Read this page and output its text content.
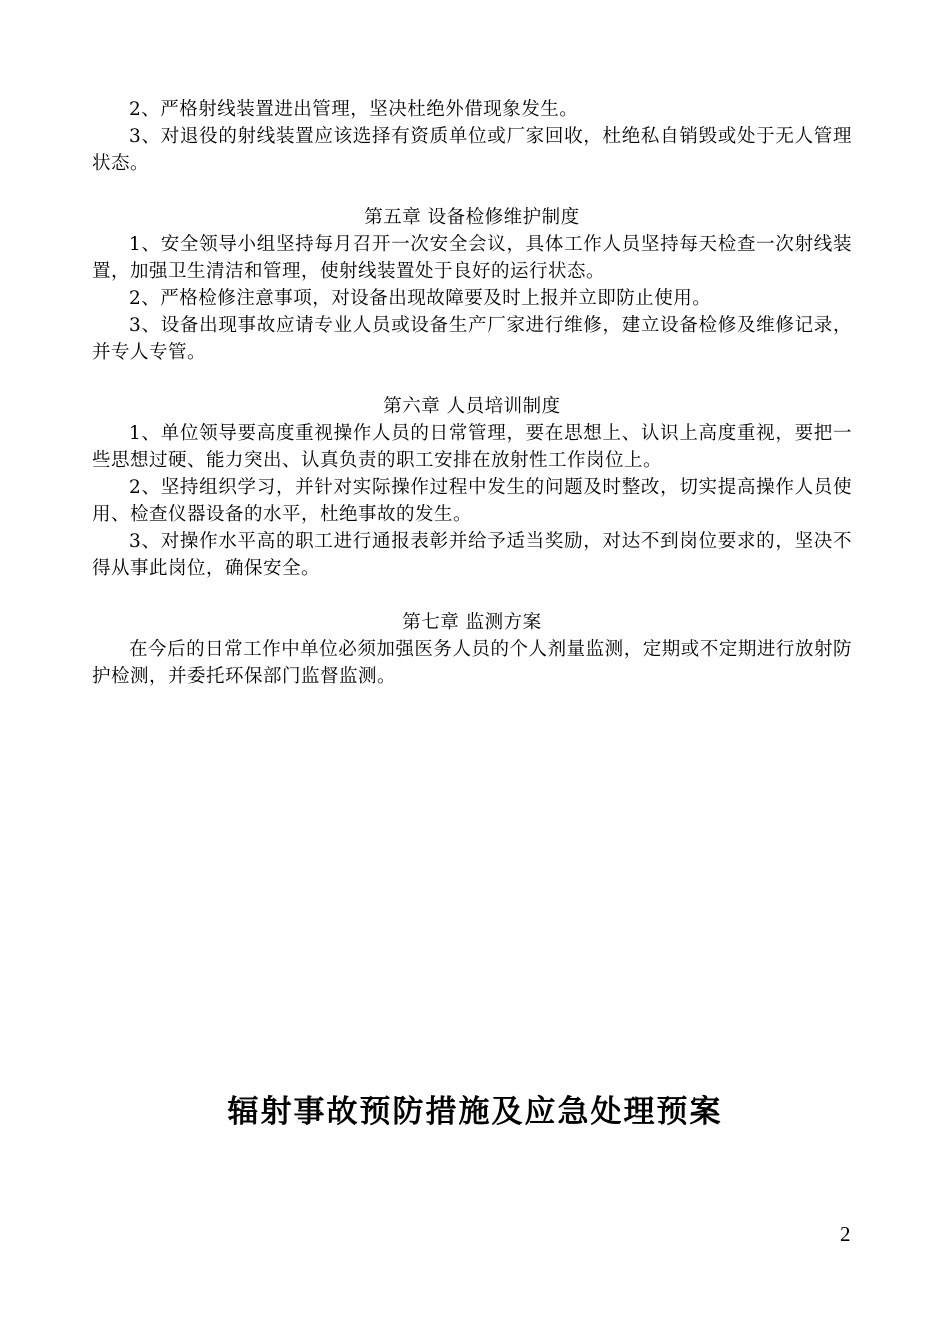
2、严格射线装置进出管理，坚决杜绝外借现象发生。

3、对退役的射线装置应该选择有资质单位或厂家回收，杜绝私自销毁或处于无人管理状态。

第五章 设备检修维护制度

1、安全领导小组坚持每月召开一次安全会议，具体工作人员坚持每天检查一次射线装置，加强卫生清洁和管理，使射线装置处于良好的运行状态。

2、严格检修注意事项，对设备出现故障要及时上报并立即防止使用。

3、设备出现事故应请专业人员或设备生产厂家进行维修，建立设备检修及维修记录，并专人专管。

第六章 人员培训制度

1、单位领导要高度重视操作人员的日常管理，要在思想上、认识上高度重视，要把一些思想过硬、能力突出、认真负责的职工安排在放射性工作岗位上。

2、坚持组织学习，并针对实际操作过程中发生的问题及时整改，切实提高操作人员使用、检查仪器设备的水平，杜绝事故的发生。

3、对操作水平高的职工进行通报表彰并给予适当奖励，对达不到岗位要求的，坚决不得从事此岗位，确保安全。

第七章 监测方案

在今后的日常工作中单位必须加强医务人员的个人剂量监测，定期或不定期进行放射防护检测，并委托环保部门监督监测。

辐射事故预防措施及应急处理预案
2
